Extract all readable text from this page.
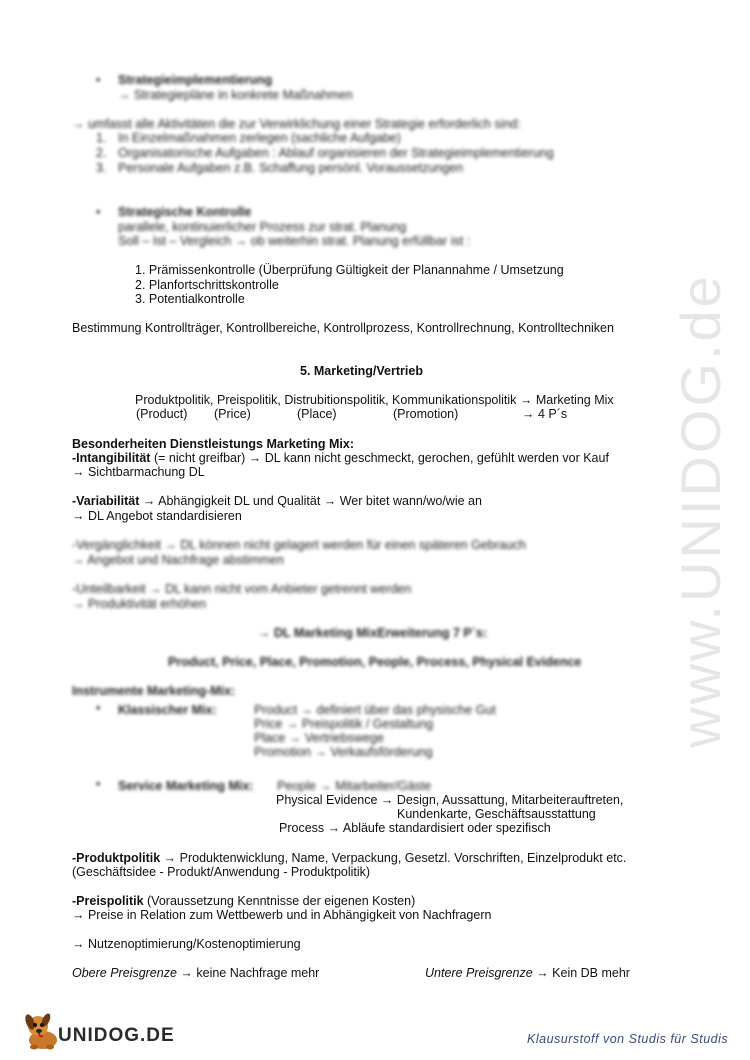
www.UNIDOG.de
• Strategieimplementierung
→ Strategiepläne in konkrete Maßnahmen
→ umfasst alle Aktivitäten die zur Verwirklichung einer Strategie erforderlich sind:
1. In Einzelmaßnahmen zerlegen (sachliche Aufgabe)
2. Organisatorische Aufgaben : Ablauf organisieren der Strategieimplementierung
3. Personale Aufgaben z.B. Schaffung persönl. Voraussetzungen
• Strategische Kontrolle
parallele, kontinuierlicher Prozess zur strat. Planung
Soll – Ist – Vergleich → ob weiterhin strat. Planung erfüllbar ist :
1. Prämissenkontrolle (Überprüfung Gültigkeit der Planannahme / Umsetzung
2. Planfortschrittskontrolle
3. Potentialkontrolle
Bestimmung Kontrollträger, Kontrollbereiche, Kontrollprozess, Kontrollrechnung, Kontrolltechniken
5. Marketing/Vertrieb
Produktpolitik, Preispolitik, Distrubitionspolitik, Kommunikationspolitik → Marketing Mix
(Product) (Price)	(Place)	(Promotion)	→ 4 P´s
Besonderheiten Dienstleistungs Marketing Mix:
-Intangibilität (= nicht greifbar) → DL kann nicht geschmeckt, gerochen, gefühlt werden vor Kauf
→ Sichtbarmachung DL
-Variabilität → Abhängigkeit DL und Qualität → Wer bitet wann/wo/wie an
→ DL Angebot standardisieren
-Vergänglichkeit → DL können nicht gelagert werden für einen späteren Gebrauch
→ Angebot und Nachfrage abstimmen
-Unteilbarkeit → DL kann nicht vom Anbieter getrennt werden
→ Produktivität erhöhen
→ DL Marketing MixErweiterung 7 P´s:
Product, Price, Place, Promotion, People, Process, Physical Evidence
Instrumente Marketing-Mix:
• Klassischer Mix:	Product → definiert über das physische Gut
Price → Preispolitik / Gestaltung
Place → Vertriebswege
Promotion → Verkaufsförderung
• Service Marketing Mix: People → Mitarbeiter/Gäste
Physical Evidence → Design, Aussattung, Mitarbeiterauftreten,
Kundenkarte, Geschäftsausstattung
Process → Abläufe standardisiert oder spezifisch
-Produktpolitik → Produktenwicklung, Name, Verpackung, Gesetzl. Vorschriften, Einzelprodukt etc.
(Geschäftsidee - Produkt/Anwendung - Produktpolitik)
-Preispolitik (Voraussetzung Kenntnisse der eigenen Kosten)
→ Preise in Relation zum Wettbewerb und in Abhängigkeit von Nachfragern
→ Nutzenoptimierung/Kostenoptimierung
Obere Preisgrenze → keine Nachfrage mehr	Untere Preisgrenze → Kein DB mehr
UNIDOG.DE	Klausurstoff von Studis für Studis
